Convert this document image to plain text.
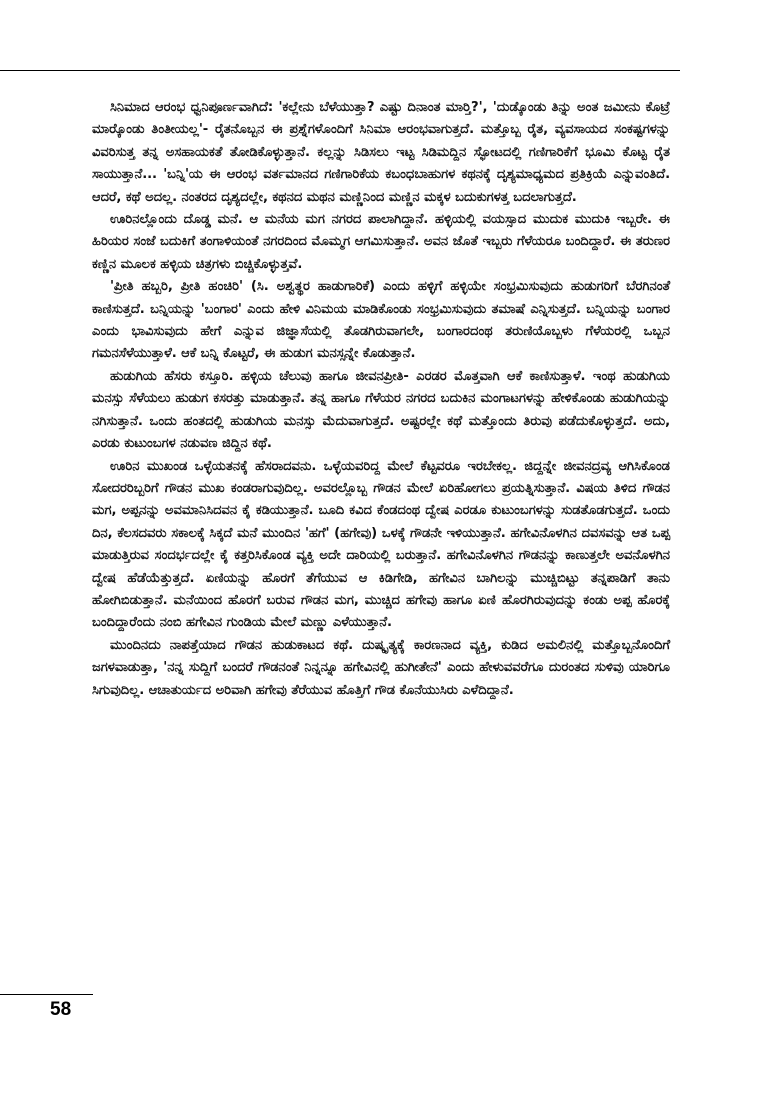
ಸಿನಿಮಾದ ಆರಂಭ ಧ್ವನಿಪೂರ್ಣವಾಗಿದೆ: 'ಕಲ್ಲೇನು ಬೆಳೆಯುತ್ತಾ? ಎಷ್ಟು ದಿನಾಂತ ಮಾರ್‍ತಿ?', 'ದುಡ್ಕೊಂಡು ತಿನ್ನು ಅಂತ ಜಮೀನು ಕೊಟ್ರೆ ಮಾರ್‍ಕೊಂಡು ತಿಂತೀಯಲ್ಲ'- ರೈತನೊಬ್ಬನ ಈ ಪ್ರಶ್ನೆಗಳೊಂದಿಗೆ ಸಿನಿಮಾ ಆರಂಭವಾಗುತ್ತದೆ. ಮತ್ತೊಬ್ಬ ರೈತ, ವ್ಯವಸಾಯದ ಸಂಕಷ್ಟಗಳನ್ನು ವಿವರಿಸುತ್ತ ತನ್ನ ಅಸಹಾಯಕತೆ ತೋಡಿಕೊಳ್ಳುತ್ತಾನೆ. ಕಲ್ಲನ್ನು ಸಿಡಿಸಲು ಇಟ್ಟ ಸಿಡಿಮದ್ದಿನ ಸ್ಫೋಟದಲ್ಲಿ ಗಣಿಗಾರಿಕೆಗೆ ಭೂಮಿ ಕೊಟ್ಟ ರೈತ ಸಾಯುತ್ತಾನೆ... 'ಬನ್ನಿ'ಯ ಈ ಆರಂಭ ವರ್ತಮಾನದ ಗಣಿಗಾರಿಕೆಯ ಕಬಂಧಬಾಹುಗಳ ಕಥನಕ್ಕೆ ದೃಶ್ಯಮಾಧ್ಯಮದ ಪ್ರತಿಕ್ರಿಯೆ ಎನ್ನುವಂತಿದೆ. ಆದರೆ, ಕಥೆ ಅದಲ್ಲ. ನಂತರದ ದೃಶ್ಯದಲ್ಲೇ, ಕಥನದ ಮಥನ ಮಣ್ಣಿನಿಂದ ಮಣ್ಣಿನ ಮಕ್ಕಳ ಬದುಕುಗಳತ್ತ ಬದಲಾಗುತ್ತದೆ.

ಊರಿನಲ್ಲೊಂದು ದೊಡ್ಡ ಮನೆ. ಆ ಮನೆಯ ಮಗ ನಗರದ ಪಾಲಾಗಿದ್ದಾನೆ. ಹಳ್ಳಿಯಲ್ಲಿ ವಯಸ್ಸಾದ ಮುದುಕ ಮುದುಕಿ ಇಬ್ಬರೇ. ಈ ಹಿರಿಯರ ಸಂಜೆ ಬದುಕಿಗೆ ತಂಗಾಳಿಯಂತೆ ನಗರದಿಂದ ಮೊಮ್ಮಗ ಆಗಮಿಸುತ್ತಾನೆ. ಅವನ ಜೊತೆ ಇಬ್ಬರು ಗೆಳೆಯರೂ ಬಂದಿದ್ದಾರೆ. ಈ ತರುಣರ ಕಣ್ಣಿನ ಮೂಲಕ ಹಳ್ಳಿಯ ಚಿತ್ರಗಳು ಬಿಚ್ಚಿಕೊಳ್ಳುತ್ತವೆ.

'ಪ್ರೀತಿ ಹಬ್ಬರಿ, ಪ್ರೀತಿ ಹಂಚಿರಿ' (ಸಿ. ಅಶ್ವತ್ಥರ ಹಾಡುಗಾರಿಕೆ) ಎಂದು ಹಳ್ಳಿಗೆ ಹಳ್ಳಿಯೇ ಸಂಭ್ರಮಿಸುವುದು ಹುಡುಗರಿಗೆ ಬೆರಗಿನಂತೆ ಕಾಣಿಸುತ್ತದೆ. ಬನ್ನಿಯನ್ನು 'ಬಂಗಾರ' ಎಂದು ಹೇಳಿ ವಿನಿಮಯ ಮಾಡಿಕೊಂಡು ಸಂಭ್ರಮಿಸುವುದು ತಮಾಷೆ ಎನ್ನಿಸುತ್ತದೆ. ಬನ್ನಿಯನ್ನು ಬಂಗಾರ ಎಂದು ಭಾವಿಸುವುದು ಹೇಗೆ ಎನ್ನುವ ಜಿಜ್ಞಾಸೆಯಲ್ಲಿ ತೊಡಗಿರುವಾಗಲೇ, ಬಂಗಾರದಂಥ ತರುಣಿಯೊಬ್ಬಳು ಗೆಳೆಯರಲ್ಲಿ ಒಬ್ಬನ ಗಮನಸೆಳೆಯುತ್ತಾಳೆ. ಆಕೆ ಬನ್ನಿ ಕೊಟ್ಟರೆ, ಈ ಹುಡುಗ ಮನಸ್ಸನ್ನೇ ಕೊಡುತ್ತಾನೆ.

ಹುಡುಗಿಯ ಹೆಸರು ಕಸ್ತೂರಿ. ಹಳ್ಳಿಯ ಚೆಲುವು ಹಾಗೂ ಜೀವನಪ್ರೀತಿ- ಎರಡರ ಮೊತ್ತವಾಗಿ ಆಕೆ ಕಾಣಿಸುತ್ತಾಳೆ. ಇಂಥ ಹುಡುಗಿಯ ಮನಸ್ಸು ಸೆಳೆಯಲು ಹುಡುಗ ಕಸರತ್ತು ಮಾಡುತ್ತಾನೆ. ತನ್ನ ಹಾಗೂ ಗೆಳೆಯರ ನಗರದ ಬದುಕಿನ ಮಂಗಾಟಗಳನ್ನು ಹೇಳಿಕೊಂಡು ಹುಡುಗಿಯನ್ನು ನಗಿಸುತ್ತಾನೆ. ಒಂದು ಹಂತದಲ್ಲಿ ಹುಡುಗಿಯ ಮನಸ್ಸು ಮೆದುವಾಗುತ್ತದೆ. ಅಷ್ಟರಲ್ಲೇ ಕಥೆ ಮತ್ತೊಂದು ತಿರುವು ಪಡೆದುಕೊಳ್ಳುತ್ತದೆ. ಅದು, ಎರಡು ಕುಟುಂಬಗಳ ನಡುವಣ ಜಿದ್ದಿನ ಕಥೆ.

ಊರಿನ ಮುಖಂಡ ಒಳ್ಳೆಯತನಕ್ಕೆ ಹೆಸರಾದವನು. ಒಳ್ಳೆಯವರಿದ್ದ ಮೇಲೆ ಕೆಟ್ಟವರೂ ಇರಬೇಕಲ್ಲ. ಜಿದ್ದನ್ನೇ ಜೀವನದ್ರವ್ಯ ಆಗಿಸಿಕೊಂಡ ಸೋದರರಿಬ್ಬರಿಗೆ ಗೌಡನ ಮುಖ ಕಂಡರಾಗುವುದಿಲ್ಲ. ಅವರಲ್ಲೊಬ್ಬ ಗೌಡನ ಮೇಲೆ ಏರಿಹೋಗಲು ಪ್ರಯತ್ನಿಸುತ್ತಾನೆ. ವಿಷಯ ತಿಳಿದ ಗೌಡನ ಮಗ, ಅಪ್ಪನನ್ನು ಅವಮಾನಿಸಿದವನ ಕೈ ಕಡಿಯುತ್ತಾನೆ. ಬೂದಿ ಕವಿದ ಕೆಂಡದಂಥ ದ್ವೇಷ ಎರಡೂ ಕುಟುಂಬಗಳನ್ನು ಸುಡತೊಡಗುತ್ತದೆ. ಒಂದು ದಿನ, ಕೆಲಸದವರು ಸಕಾಲಕ್ಕೆ ಸಿಕ್ಕದೆ ಮನೆ ಮುಂದಿನ 'ಹಗೆ' (ಹಗೇವು) ಒಳಕ್ಕೆ ಗೌಡನೇ ಇಳಿಯುತ್ತಾನೆ. ಹಗೇವಿನೊಳಗಿನ ದವಸವನ್ನು ಆತ ಒಪ್ಪ ಮಾಡುತ್ತಿರುವ ಸಂದರ್ಭದಲ್ಲೇ ಕೈ ಕತ್ತರಿಸಿಕೊಂಡ ವ್ಯಕ್ತಿ ಅದೇ ದಾರಿಯಲ್ಲಿ ಬರುತ್ತಾನೆ. ಹಗೇವಿನೊಳಗಿನ ಗೌಡನನ್ನು ಕಾಣುತ್ತಲೇ ಅವನೊಳಗಿನ ದ್ವೇಷ ಹೆಡೆಯೆತ್ತುತ್ತದೆ. ಏಣಿಯನ್ನು ಹೊರಗೆ ತೆಗೆಯುವ ಆ ಕಿಡಿಗೇಡಿ, ಹಗೇವಿನ ಬಾಗಿಲನ್ನು ಮುಚ್ಚಿಬಿಟ್ಟು ತನ್ನಪಾಡಿಗೆ ತಾನು ಹೋಗಿಬಿಡುತ್ತಾನೆ. ಮನೆಯಿಂದ ಹೊರಗೆ ಬರುವ ಗೌಡನ ಮಗ, ಮುಚ್ಚಿದ ಹಗೇವು ಹಾಗೂ ಏಣಿ ಹೊರಗಿರುವುದನ್ನು ಕಂಡು ಅಪ್ಪ ಹೊರಕ್ಕೆ ಬಂದಿದ್ದಾರೆಂದು ನಂಬಿ ಹಗೇವಿನ ಗುಂಡಿಯ ಮೇಲೆ ಮಣ್ಣು ಎಳೆಯುತ್ತಾನೆ.

ಮುಂದಿನದು ನಾಪತ್ತೆಯಾದ ಗೌಡನ ಹುಡುಕಾಟದ ಕಥೆ. ದುಷ್ಕೃತ್ಯಕ್ಕೆ ಕಾರಣನಾದ ವ್ಯಕ್ತಿ, ಕುಡಿದ ಅಮಲಿನಲ್ಲಿ ಮತ್ತೊಬ್ಬನೊಂದಿಗೆ ಜಗಳವಾಡುತ್ತಾ, 'ನನ್ನ ಸುದ್ದಿಗೆ ಬಂದರೆ ಗೌಡನಂತೆ ನಿನ್ನನ್ನೂ ಹಗೇವಿನಲ್ಲಿ ಹುಗೀತೇನೆ' ಎಂದು ಹೇಳುವವರೆಗೂ ದುರಂತದ ಸುಳಿವು ಯಾರಿಗೂ ಸಿಗುವುದಿಲ್ಲ. ಆಚಾತುರ್ಯದ ಅರಿವಾಗಿ ಹಗೇವು ತೆರೆಯುವ ಹೊತ್ತಿಗೆ ಗೌಡ ಕೊನೆಯುಸಿರು ಎಳೆದಿದ್ದಾನೆ.

58
